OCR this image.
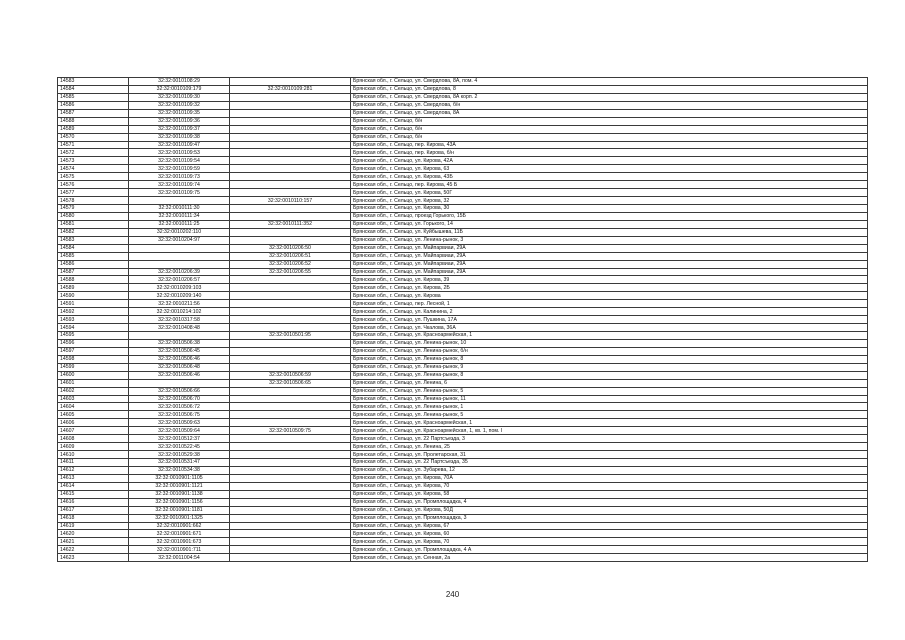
14583	32:32:0010108:29		Брянская обл., г. Сельцо, ул. Свердлова, 8А, пом. 4
14584	32:32:0010109:179	32:32:0010109:281	Брянская обл., г. Сельцо, ул. Свердлова, 8
14585	32:32:0010109:30		Брянская обл., г. Сельцо, ул. Свердлова, 8А корп. 2
14586	32:32:0010109:32		Брянская обл., г. Сельцо, ул. Свердлова, б/н
14587	32:32:0010109:35		Брянская обл., г. Сельцо, ул. Свердлова, 8А
14588	32:32:0010109:36		Брянская обл., г. Сельцо, б/н
14589	32:32:0010109:37		Брянская обл., г. Сельцо, б/н
14570	32:32:0010109:38		Брянская обл., г. Сельцо, б/н
14571	32:32:0010109:47		Брянская обл., г. Сельцо, пер. Кирова, 43А
14572	32:32:0010109:53		Брянская обл., г. Сельцо, пер. Кирова, б/н
14573	32:32:0010109:54		Брянская обл., г. Сельцо, ул. Кирова, 42А
14574	32:32:0010109:59		Брянская обл., г. Сельцо, ул. Кирова, 63
14575	32:32:0010109:73		Брянская обл., г. Сельцо, ул. Кирова, 43Б
14576	32:32:0010109:74		Брянская обл., г. Сельцо, пер. Кирова, 45 Б
14577	32:32:0010109:75		Брянская обл., г. Сельцо, ул. Кирова, 50Г
14578		32:32:0010110:157	Брянская обл., г. Сельцо, ул. Кирова, 32
14579	32:32:0010111:30		Брянская обл., г. Сельцо, ул. Кирова, 30
14580	32:32:0010111:34		Брянская обл., г. Сельцо, проезд Горького, 15Б
14581	32:32:0010111:25	32:32:0010111:352	Брянская обл., г. Сельцо, ул. Горького, 14
14582	32:32:0010202:110		Брянская обл., г. Сельцо, ул. Куйбышева, 11Б
14583	32:32:0010204:97		Брянская обл., г. Сельцо, ул. Ленина-рынок, 3
14584		32:32:0010206:50	Брянская обл., г. Сельцо, ул. Майпарвиаи, 29А
14585		32:32:0010206:51	Брянская обл., г. Сельцо, ул. Майпарвиаи, 29А
14586		32:32:0010206:52	Брянская обл., г. Сельцо, ул. Майпарвиаи, 29А
14587	32:32:0010206:39	32:32:0010206:55	Брянская обл., г. Сельцо, ул. Майпарвиаи, 29А
14588	32:32:0010206:57		Брянская обл., г. Сельцо, ул. Кирова, 39
14589	32:32:0010209:103		Брянская обл., г. Сельцо, ул. Кирова, 2Б
14590	32:32:0010209:140		Брянская обл., г. Сельцо, ул. Кирова
14591	32:32:0010211:56		Брянская обл., г. Сельцо, пер. Лесной, 1
14592	32:32:0010214:102		Брянская обл., г. Сельцо, ул. Калинина, 2
14593	32:32:0010317:58		Брянская обл., г. Сельцо, ул. Пушкина, 17А
14594	32:32:0010408:48		Брянская обл., г. Сельцо, ул. Чкалова, 36А
14595		32:32:0010501:95	Брянская обл., г. Сельцо, ул. Красноармейская, 1
14596	32:32:0010506:38		Брянская обл., г. Сельцо, ул. Ленина-рынок, 10
14597	32:32:0010506:45		Брянская обл., г. Сельцо, ул. Ленина-рынок, б/н
14598	32:32:0010506:46		Брянская обл., г. Сельцо, ул. Ленина-рынок, 8
14599	32:32:0010506:48		Брянская обл., г. Сельцо, ул. Ленина-рынок, 9
14600	32:32:0010506:46	32:32:0010506:59	Брянская обл., г. Сельцо, ул. Ленина-рынок, 8
14601		32:32:0010506:65	Брянская обл., г. Сельцо, ул. Ленина, 6
14602	32:32:0010506:66		Брянская обл., г. Сельцо, ул. Ленина-рынок, 5
14603	32:32:0010506:70		Брянская обл., г. Сельцо, ул. Ленина-рынок, 11
14604	32:32:0010506:72		Брянская обл., г. Сельцо, ул. Ленина-рынок, 1
14605	32:32:0010506:75		Брянская обл., г. Сельцо, ул. Ленина-рынок, 5
14606	32:32:0010509:63		Брянская обл., г. Сельцо, ул. Красноармейская, 1
14607	32:32:0010509:64	32:32:0010509:75	Брянская обл., г. Сельцо, ул. Красноармейская, 1, кв. 1, пом. I
14608	32:32:0010512:37		Брянская обл., г. Сельцо, ул. 22 Партсъезда, 3
14609	32:32:0010522:45		Брянская обл., г. Сельцо, ул. Ленина, 25
14610	32:32:0010529:38		Брянская обл., г. Сельцо, ул. Пролетарская, 31
14611	32:32:0010531:47		Брянская обл., г. Сельцо, ул. 22 Партсъезда, 35
14612	32:32:0010534:38		Брянская обл., г. Сельцо, ул. Зубарева, 12
14613	32:32:0010901:1105		Брянская обл., г. Сельцо, ул. Кирова, 70А
14614	32:32:0010901:1121		Брянская обл., г. Сельцо, ул. Кирова, 70
14615	32:32:0010901:1138		Брянская обл., г. Сельцо, ул. Кирова, 58
14616	32:32:0010901:1156		Брянская обл., г. Сельцо, ул. Промплощадка, 4
14617	32:32:0010901:1181		Брянская обл., г. Сельцо, ул. Кирова, 50Д
14618	32:32:0010901:1325		Брянская обл., г. Сельцо, ул. Промплощадка, 3
14619	32:32:0010901:662		Брянская обл., г. Сельцо, ул. Кирова, 67
14620	32:32:0010901:671		Брянская обл., г. Сельцо, ул. Кирова, 60
14621	32:32:0010901:673		Брянская обл., г. Сельцо, ул. Кирова, 70
14622	32:32:0010901:711		Брянская обл., г. Сельцо, ул. Промплощадка, 4 А
14623	32:32:0011004:54		Брянская обл., г. Сельцо, ул. Сенная, 2а
240
